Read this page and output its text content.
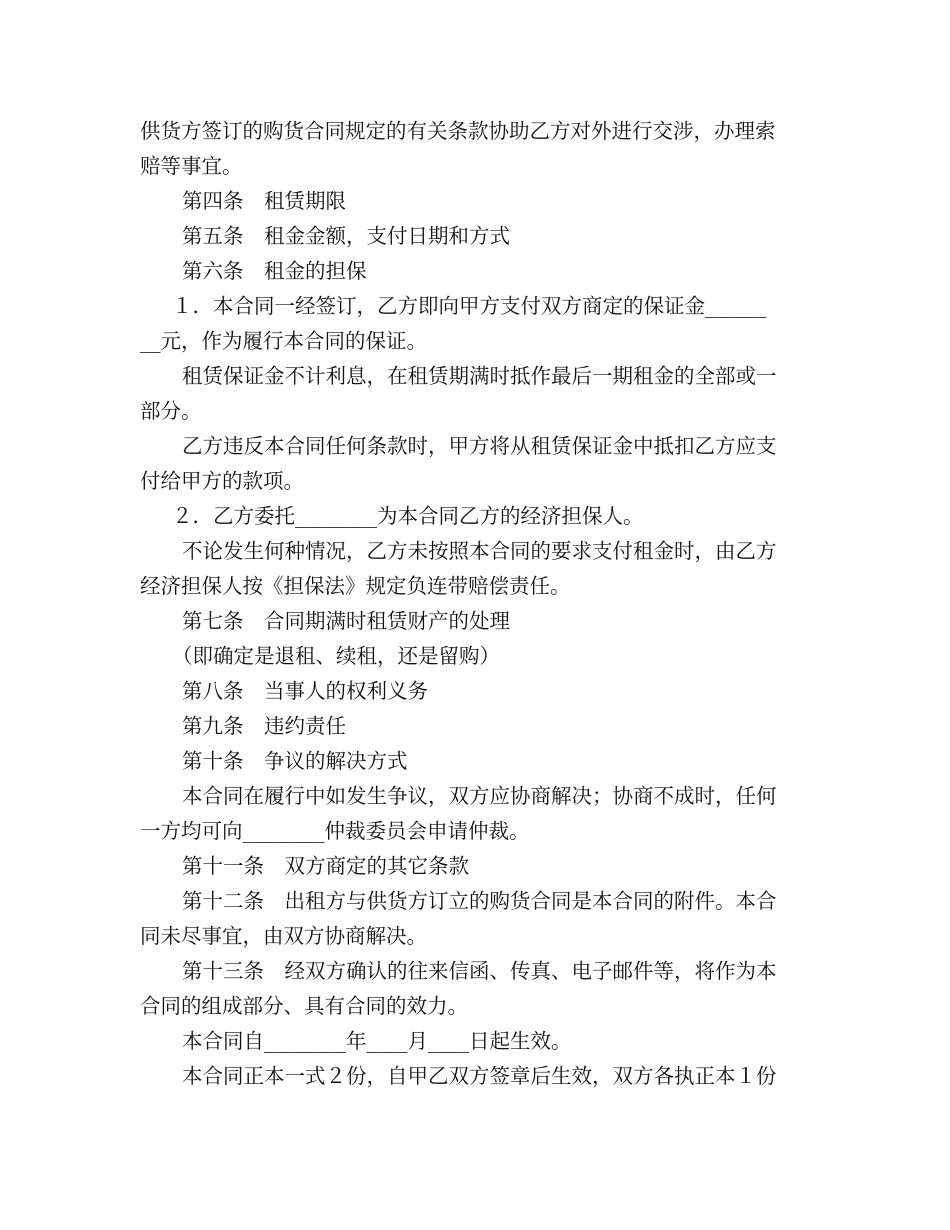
供货方签订的购货合同规定的有关条款协助乙方对外进行交涉，办理索
赔等事宜。
第四条　租赁期限
第五条　租金金额，支付日期和方式
第六条　租金的担保
１．本合同一经签订，乙方即向甲方支付双方商定的保证金______
__元，作为履行本合同的保证。
租赁保证金不计利息，在租赁期满时抵作最后一期租金的全部或一
部分。
乙方违反本合同任何条款时，甲方将从租赁保证金中抵扣乙方应支
付给甲方的款项。
２．乙方委托________为本合同乙方的经济担保人。
不论发生何种情况，乙方未按照本合同的要求支付租金时，由乙方
经济担保人按《担保法》规定负连带赔偿责任。
第七条　合同期满时租赁财产的处理
（即确定是退租、续租，还是留购）
第八条　当事人的权利义务
第九条　违约责任
第十条　争议的解决方式
本合同在履行中如发生争议，双方应协商解决；协商不成时，任何
一方均可向________仲裁委员会申请仲裁。
第十一条　双方商定的其它条款
第十二条　出租方与供货方订立的购货合同是本合同的附件。本合
同未尽事宜，由双方协商解决。
第十三条　经双方确认的往来信函、传真、电子邮件等，将作为本
合同的组成部分、具有合同的效力。
本合同自________年____月____日起生效。
本合同正本一式２份，自甲乙双方签章后生效，双方各执正本１份
